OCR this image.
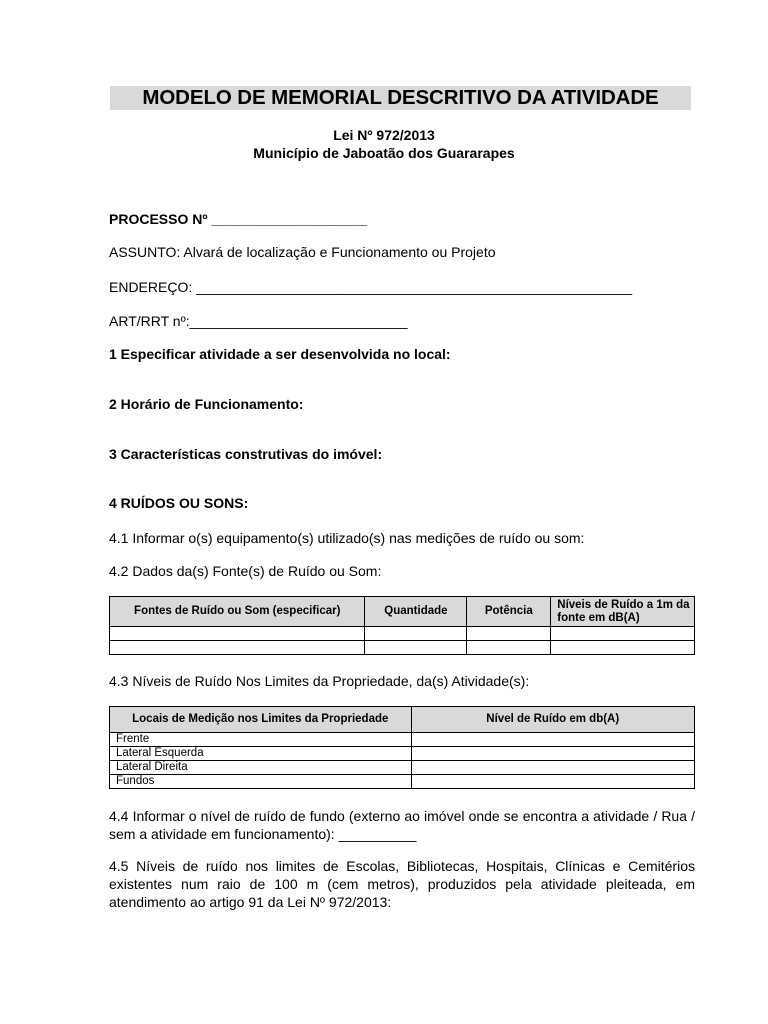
MODELO DE MEMORIAL DESCRITIVO DA ATIVIDADE
Lei Nº 972/2013
Município de Jaboatão dos Guararapes
PROCESSO Nº ____________________
ASSUNTO: Alvará de localização e Funcionamento ou Projeto
ENDEREÇO: ________________________________________________________
ART/RRT nº:____________________________
1 Especificar atividade a ser desenvolvida no local:
2 Horário de Funcionamento:
3 Características construtivas do imóvel:
4 RUÍDOS OU SONS:
4.1 Informar o(s) equipamento(s) utilizado(s) nas medições de ruído ou som:
4.2 Dados da(s) Fonte(s) de Ruído ou Som:
Fontes de Ruído ou Som (especificar)	Quantidade	Potência	Níveis de Ruído a 1m da fonte em dB(A)

4.3 Níveis de Ruído Nos Limites da Propriedade, da(s) Atividade(s):
Locais de Medição nos Limites da Propriedade	Nível de Ruído em db(A)
Frente	
Lateral Esquerda	
Lateral Direita	
Fundos	
4.4 Informar o nível de ruído de fundo (externo ao imóvel onde se encontra a atividade / Rua / sem a atividade em funcionamento): __________
4.5 Níveis de ruído nos limites de Escolas, Bibliotecas, Hospitais, Clínicas e Cemitérios existentes num raio de 100 m (cem metros), produzidos pela atividade pleiteada, em atendimento ao artigo 91 da Lei Nº 972/2013:
